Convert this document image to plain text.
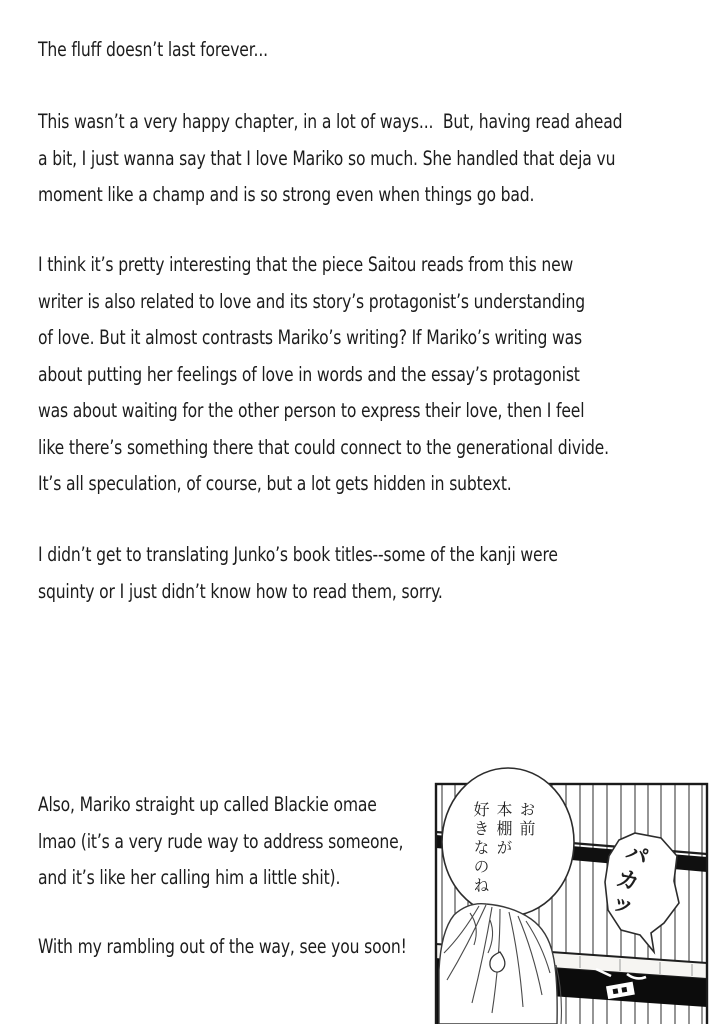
The fluff doesn’t last forever...
This wasn’t a very happy chapter, in a lot of ways...  But, having read ahead
a bit, I just wanna say that I love Mariko so much. She handled that deja vu
moment like a champ and is so strong even when things go bad.
I think it’s pretty interesting that the piece Saitou reads from this new
writer is also related to love and its story’s protagonist’s understanding
of love. But it almost contrasts Mariko’s writing? If Mariko’s writing was
about putting her feelings of love in words and the essay’s protagonist
was about waiting for the other person to express their love, then I feel
like there’s something there that could connect to the generational divide.
It’s all speculation, of course, but a lot gets hidden in subtext.
I didn’t get to translating Junko’s book titles--some of the kanji were
squinty or I just didn’t know how to read them, sorry.
Also, Mariko straight up called Blackie omae
lmao (it’s a very rude way to address someone,
and it’s like her calling him a little shit).
With my rambling out of the way, see you soon!
お前
本棚が
好きなのね	パカッ
